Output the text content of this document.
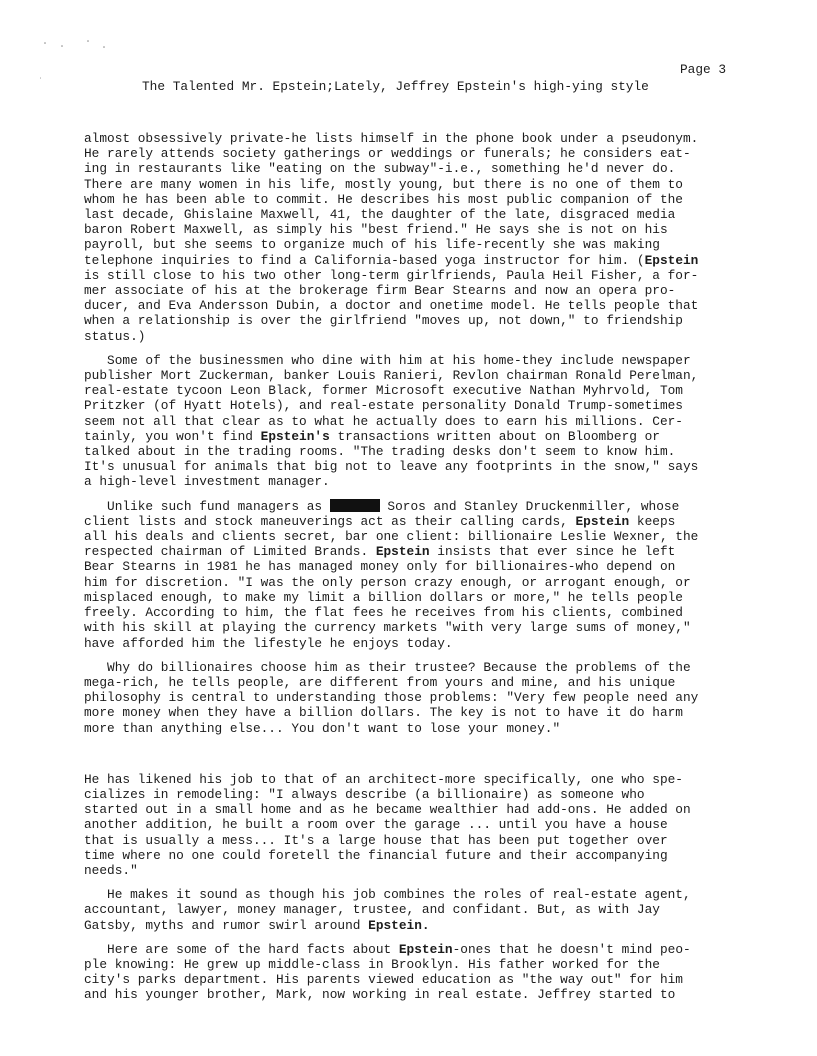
Page 3
The Talented Mr. Epstein;Lately, Jeffrey Epstein's high-ying style
almost obsessively private-he lists himself in the phone book under a pseudonym.
He rarely attends society gatherings or weddings or funerals; he considers eat-
ing in restaurants like "eating on the subway"-i.e., something he'd never do.
There are many women in his life, mostly young, but there is no one of them to
whom he has been able to commit. He describes his most public companion of the
last decade, Ghislaine Maxwell, 41, the daughter of the late, disgraced media
baron Robert Maxwell, as simply his "best friend." He says she is not on his
payroll, but she seems to organize much of his life-recently she was making
telephone inquiries to find a California-based yoga instructor for him. (Epstein
is still close to his two other long-term girlfriends, Paula Heil Fisher, a for-
mer associate of his at the brokerage firm Bear Stearns and now an opera pro-
ducer, and Eva Andersson Dubin, a doctor and onetime model. He tells people that
when a relationship is over the girlfriend "moves up, not down," to friendship
status.)
Some of the businessmen who dine with him at his home-they include newspaper
publisher Mort Zuckerman, banker Louis Ranieri, Revlon chairman Ronald Perelman,
real-estate tycoon Leon Black, former Microsoft executive Nathan Myhrvold, Tom
Pritzker (of Hyatt Hotels), and real-estate personality Donald Trump-sometimes
seem not all that clear as to what he actually does to earn his millions. Cer-
tainly, you won't find Epstein's transactions written about on Bloomberg or
talked about in the trading rooms. "The trading desks don't seem to know him.
It's unusual for animals that big not to leave any footprints in the snow," says
a high-level investment manager.
Unlike such fund managers as	Soros and Stanley Druckenmiller, whose
client lists and stock maneuverings act as their calling cards, Epstein keeps
all his deals and clients secret, bar one client: billionaire Leslie Wexner, the
respected chairman of Limited Brands. Epstein insists that ever since he left
Bear Stearns in 1981 he has managed money only for billionaires-who depend on
him for discretion. "I was the only person crazy enough, or arrogant enough, or
misplaced enough, to make my limit a billion dollars or more," he tells people
freely. According to him, the flat fees he receives from his clients, combined
with his skill at playing the currency markets "with very large sums of money,"
have afforded him the lifestyle he enjoys today.
Why do billionaires choose him as their trustee? Because the problems of the
mega-rich, he tells people, are different from yours and mine, and his unique
philosophy is central to understanding those problems: "Very few people need any
more money when they have a billion dollars. The key is not to have it do harm
more than anything else... You don't want to lose your money."
He has likened his job to that of an architect-more specifically, one who spe-
cializes in remodeling: "I always describe (a billionaire) as someone who
started out in a small home and as he became wealthier had add-ons. He added on
another addition, he built a room over the garage ... until you have a house
that is usually a mess... It's a large house that has been put together over
time where no one could foretell the financial future and their accompanying
needs."
He makes it sound as though his job combines the roles of real-estate agent,
accountant, lawyer, money manager, trustee, and confidant. But, as with Jay
Gatsby, myths and rumor swirl around Epstein.
Here are some of the hard facts about Epstein-ones that he doesn't mind peo-
ple knowing: He grew up middle-class in Brooklyn. His father worked for the
city's parks department. His parents viewed education as "the way out" for him
and his younger brother, Mark, now working in real estate. Jeffrey started to
